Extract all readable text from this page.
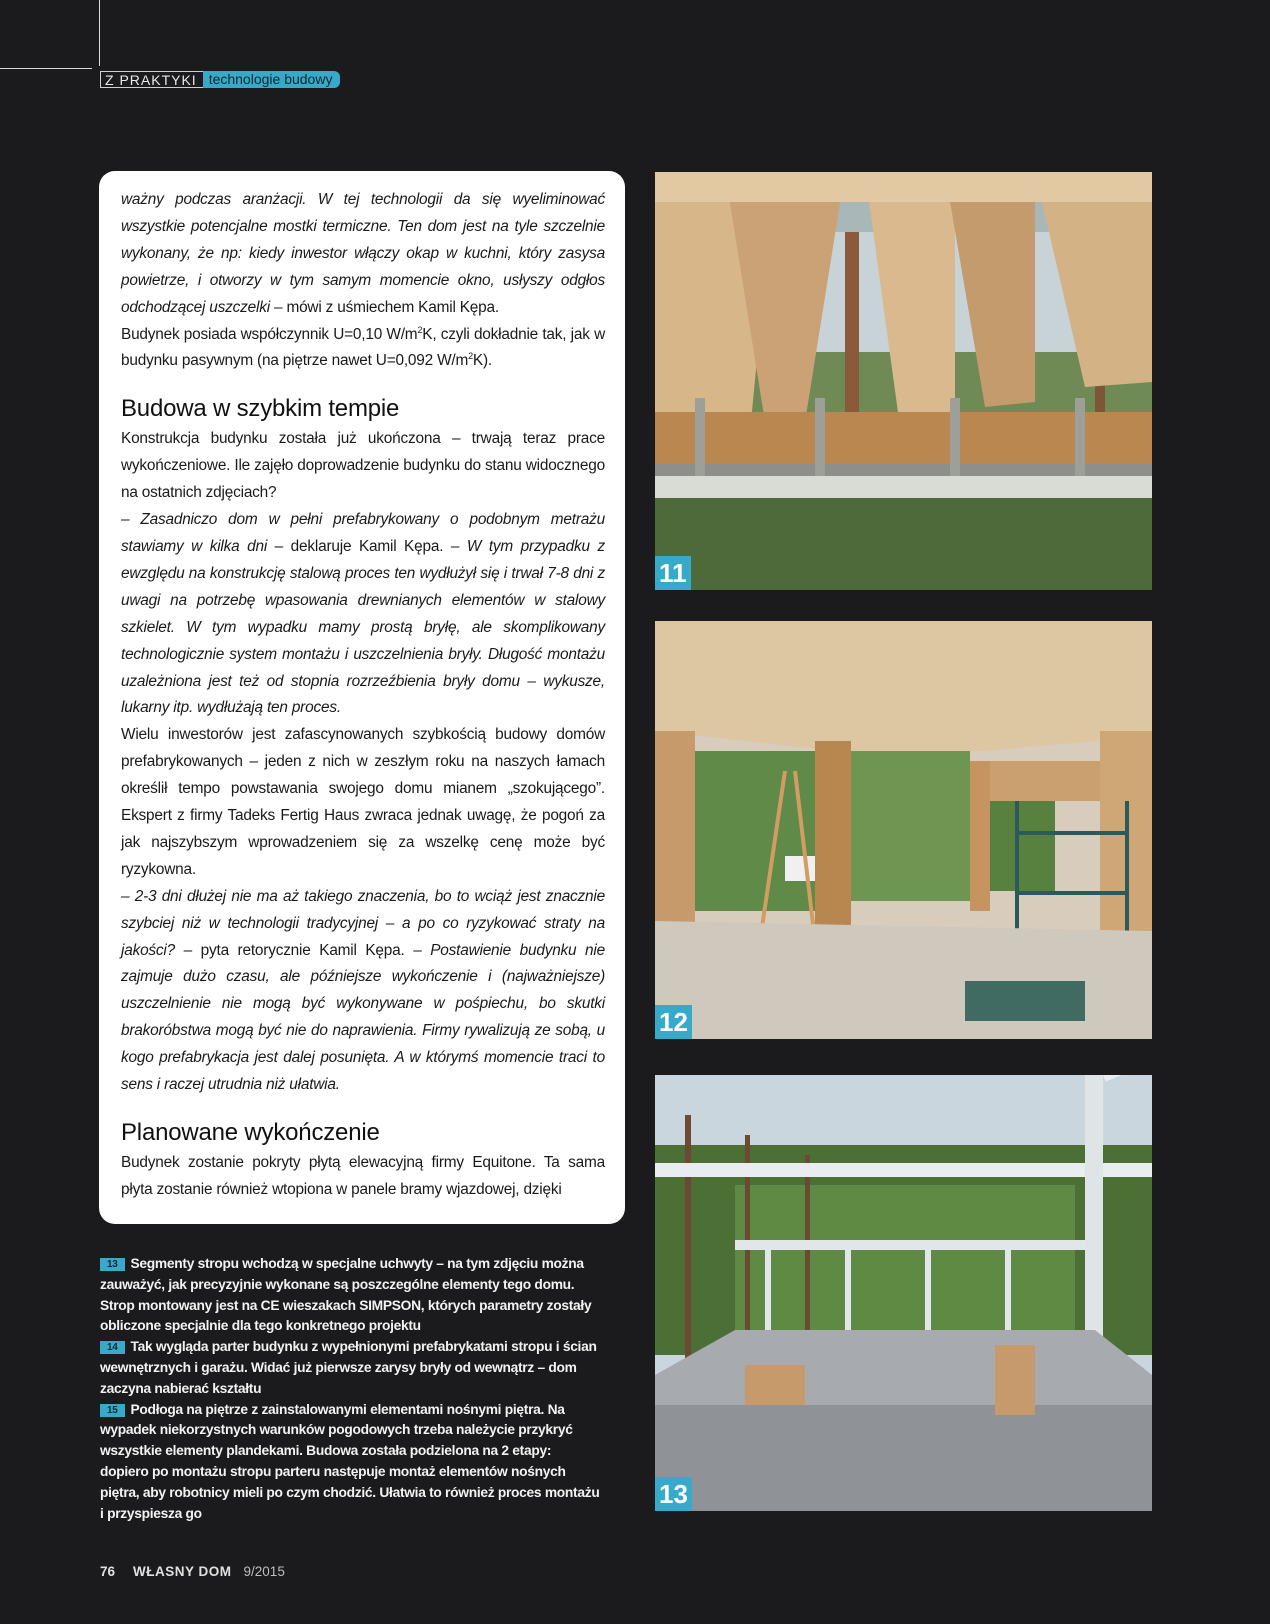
Z PRAKTYKI technologie budowy

ważny podczas aranżacji. W tej technologii da się wyeliminować wszystkie potencjalne mostki termiczne. Ten dom jest na tyle szczelnie wykonany, że np: kiedy inwestor włączy okap w kuchni, który zasysa powietrze, i otworzy w tym samym momencie okno, usłyszy odgłos odchodzącej uszczelki – mówi z uśmiechem Kamil Kępa.

Budynek posiada współczynnik U=0,10 $W/m^2K$, czyli dokładnie tak, jak w budynku pasywnym (na piętrze nawet U=0,092 $W/m^2K$).

Budowa w szybkim tempie

Konstrukcja budynku została już ukończona – trwają teraz prace wykończeniowe. Ile zajęło doprowadzenie budynku do stanu widocznego na ostatnich zdjęciach?

– Zasadniczo dom w pełni prefabrykowany o podobnym metrażu stawiamy w kilka dni – deklaruje Kamil Kępa. – W tym przypadku z ewzględu na konstrukcję stalową proces ten wydłużył się i trwał 7-8 dni z uwagi na potrzebę wpasowania drewnianych elementów w stalowy szkielet. W tym wypadku mamy prostą bryłę, ale skomplikowany technologicznie system montażu i uszczelnienia bryły. Długość montażu uzależniona jest też od stopnia rozrzeźbienia bryły domu – wykusze, lukarny itp. wydłużają ten proces.

Wielu inwestorów jest zafascynowanych szybkością budowy domów prefabrykowanych – jeden z nich w zeszłym roku na naszych łamach określił tempo powstawania swojego domu mianem „szokującego”. Ekspert z firmy Tadeks Fertig Haus zwraca jednak uwagę, że pogoń za jak najszybszym wprowadzeniem się za wszelkę cenę może być ryzykowna.

– 2-3 dni dłużej nie ma aż takiego znaczenia, bo to wciąż jest znacznie szybciej niż w technologii tradycyjnej – a po co ryzykować straty na jakości? – pyta retorycznie Kamil Kępa. – Postawienie budynku nie zajmuje dużo czasu, ale późniejsze wykończenie i (najważniejsze) uszczelnienie nie mogą być wykonywane w pośpiechu, bo skutki brakoróbstwa mogą być nie do naprawienia. Firmy rywalizują ze sobą, u kogo prefabrykacja jest dalej posunięta. A w którymś momencie traci to sens i raczej utrudnia niż ułatwia.

Planowane wykończenie

Budynek zostanie pokryty płytą elewacyjną firmy Equitone. Ta sama płyta zostanie również wtopiona w panele bramy wjazdowej, dzięki

13 Segmenty stropu wchodzą w specjalne uchwyty – na tym zdjęciu można zauważyć, jak precyzyjnie wykonane są poszczególne elementy tego domu. Strop montowany jest na CE wieszakach SIMPSON, których parametry zostały obliczone specjalnie dla tego konkretnego projektu

14 Tak wygląda parter budynku z wypełnionymi prefabrykatami stropu i ścian wewnętrznych i garażu. Widać już pierwsze zarysy bryły od wewnątrz – dom zaczyna nabierać kształtu

15 Podłoga na piętrze z zainstalowanymi elementami nośnymi piętra. Na wypadek niekorzystnych warunków pogodowych trzeba należycie przykryć wszystkie elementy plandekami. Budowa została podzielona na 2 etapy: dopiero po montażu stropu parteru następuje montaż elementów nośnych piętra, aby robotnicy mieli po czym chodzić. Ułatwia to również proces montażu i przyspiesza go

11
12
13
76 WŁASNY DOM 9/2015
